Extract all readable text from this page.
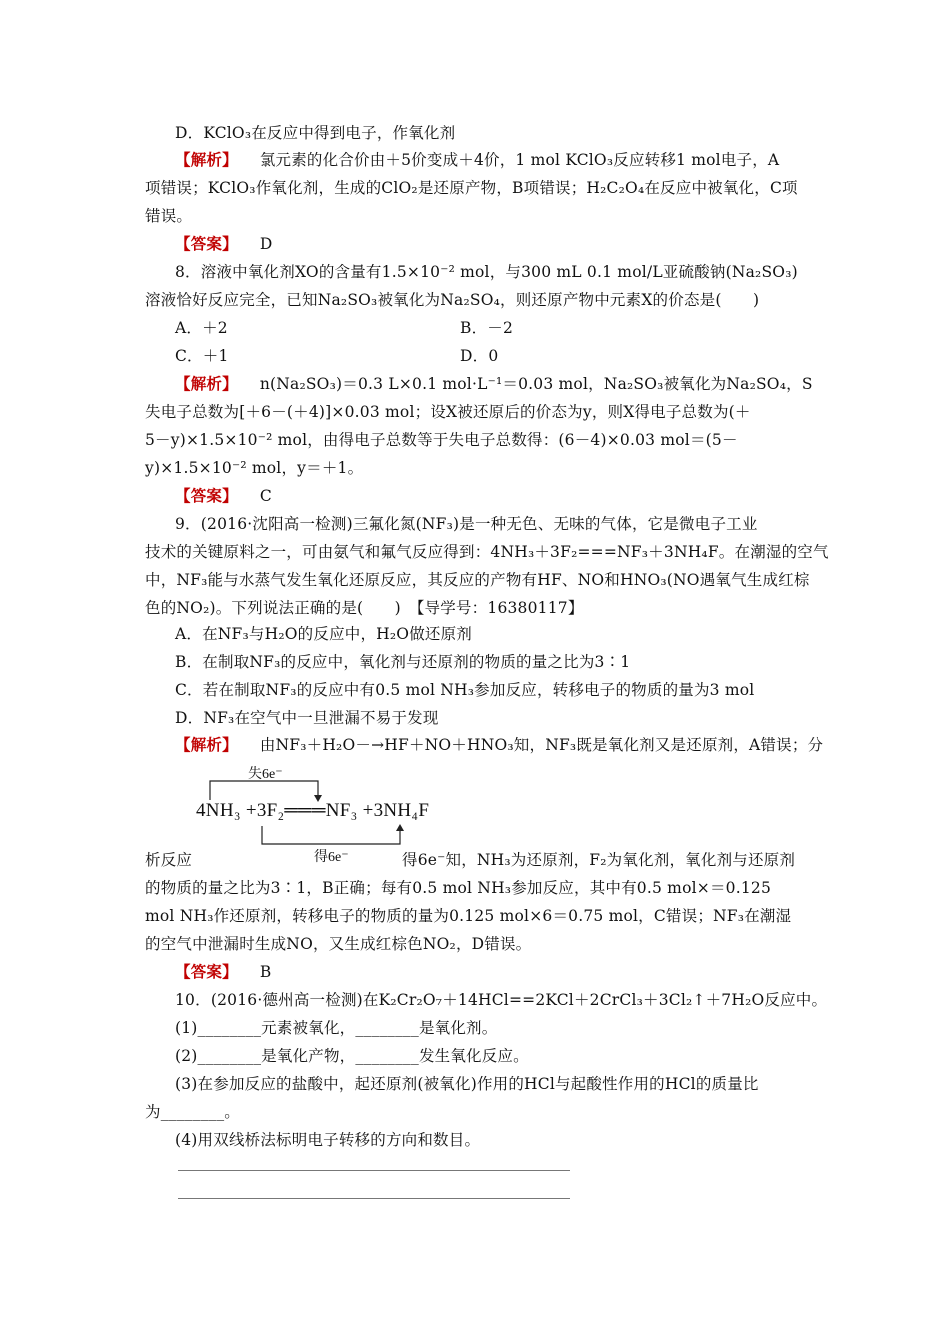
D．KClO₃在反应中得到电子，作氧化剂
【解析】 氯元素的化合价由＋5价变成＋4价，1 mol KClO₃反应转移1 mol电子，A
项错误；KClO₃作氧化剂，生成的ClO₂是还原产物，B项错误；H₂C₂O₄在反应中被氧化，C项
错误。
【答案】 D
8．溶液中氧化剂XO的含量有1.5×10⁻² mol，与300 mL 0.1 mol/L亚硫酸钠(Na₂SO₃)
溶液恰好反应完全，已知Na₂SO₃被氧化为Na₂SO₄，则还原产物中元素X的价态是(　　)
A．＋2	B．－2
C．＋1	D．0
【解析】 n(Na₂SO₃)＝0.3 L×0.1 mol·L⁻¹＝0.03 mol，Na₂SO₃被氧化为Na₂SO₄，S
失电子总数为[＋6－(＋4)]×0.03 mol；设X被还原后的价态为y，则X得电子总数为(＋
5－y)×1.5×10⁻² mol，由得电子总数等于失电子总数得：(6－4)×0.03 mol＝(5－
y)×1.5×10⁻² mol，y＝＋1。
【答案】 C
9．(2016·沈阳高一检测)三氟化氮(NF₃)是一种无色、无味的气体，它是微电子工业
技术的关键原料之一，可由氨气和氟气反应得到：4NH₃＋3F₂===NF₃＋3NH₄F。在潮湿的空气
中，NF₃能与水蒸气发生氧化还原反应，其反应的产物有HF、NO和HNO₃(NO遇氧气生成红棕
色的NO₂)。下列说法正确的是(　　)　【导学号：16380117】
A．在NF₃与H₂O的反应中，H₂O做还原剂
B．在制取NF₃的反应中，氧化剂与还原剂的物质的量之比为3∶1
C．若在制取NF₃的反应中有0.5 mol NH₃参加反应，转移电子的物质的量为3 mol
D．NF₃在空气中一旦泄漏不易于发现
【解析】 由NF₃＋H₂O－→HF＋NO＋HNO₃知，NF₃既是氧化剂又是还原剂，A错误；分
失6e⁻
4NH₃ +3F₂═══NF₃ +3NH₄F
得6e⁻
析反应	得6e⁻知，NH₃为还原剂，F₂为氧化剂，氧化剂与还原剂
的物质的量之比为3∶1，B正确；每有0.5 mol NH₃参加反应，其中有0.5 mol×＝0.125
mol NH₃作还原剂，转移电子的物质的量为0.125 mol×6＝0.75 mol，C错误；NF₃在潮湿
的空气中泄漏时生成NO，又生成红棕色NO₂，D错误。
【答案】 B
10．(2016·德州高一检测)在K₂Cr₂O₇＋14HCl==2KCl＋2CrCl₃＋3Cl₂↑＋7H₂O反应中。
(1)________元素被氧化，________是氧化剂。
(2)________是氧化产物，________发生氧化反应。
(3)在参加反应的盐酸中，起还原剂(被氧化)作用的HCl与起酸性作用的HCl的质量比
为________。
(4)用双线桥法标明电子转移的方向和数目。
